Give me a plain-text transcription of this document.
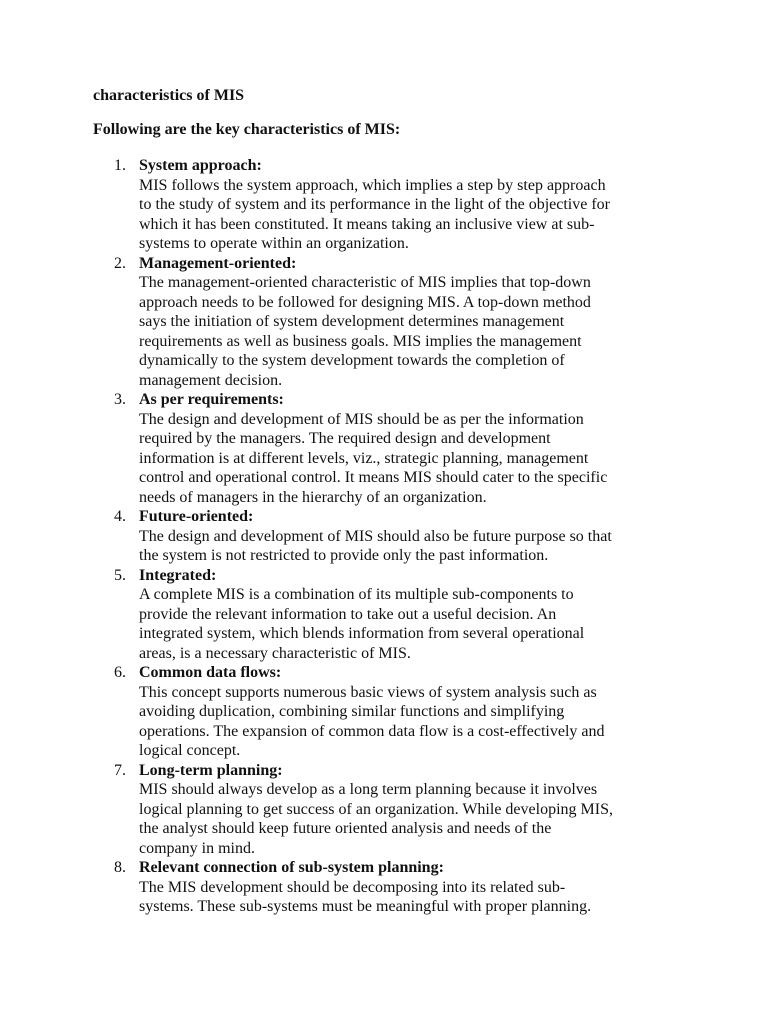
characteristics of MIS
Following are the key characteristics of MIS:
1. System approach:
MIS follows the system approach, which implies a step by step approach
to the study of system and its performance in the light of the objective for
which it has been constituted. It means taking an inclusive view at sub-
systems to operate within an organization.
2. Management-oriented:
The management-oriented characteristic of MIS implies that top-down
approach needs to be followed for designing MIS. A top-down method
says the initiation of system development determines management
requirements as well as business goals. MIS implies the management
dynamically to the system development towards the completion of
management decision.
3. As per requirements:
The design and development of MIS should be as per the information
required by the managers. The required design and development
information is at different levels, viz., strategic planning, management
control and operational control. It means MIS should cater to the specific
needs of managers in the hierarchy of an organization.
4. Future-oriented:
The design and development of MIS should also be future purpose so that
the system is not restricted to provide only the past information.
5. Integrated:
A complete MIS is a combination of its multiple sub-components to
provide the relevant information to take out a useful decision. An
integrated system, which blends information from several operational
areas, is a necessary characteristic of MIS.
6. Common data flows:
This concept supports numerous basic views of system analysis such as
avoiding duplication, combining similar functions and simplifying
operations. The expansion of common data flow is a cost-effectively and
logical concept.
7. Long-term planning:
MIS should always develop as a long term planning because it involves
logical planning to get success of an organization. While developing MIS,
the analyst should keep future oriented analysis and needs of the
company in mind.
8. Relevant connection of sub-system planning:
The MIS development should be decomposing into its related sub-
systems. These sub-systems must be meaningful with proper planning.
